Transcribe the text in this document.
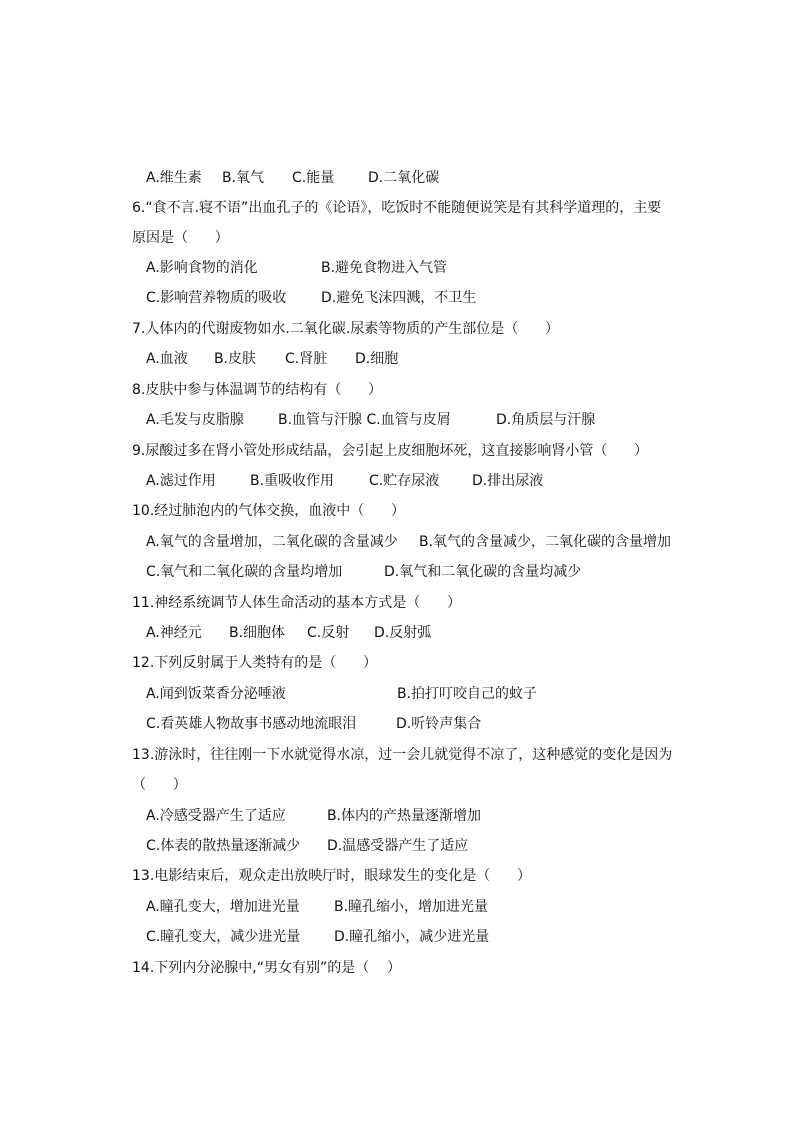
A.维生素

B.氧气

C.能量

D.二氧化碳

6.“食不言.寝不语”出血孔子的《论语》，吃饭时不能随便说笑是有其科学道理的，主要
原因是（      ）

A.影响食物的消化

	B.避免食物进入气管

C.影响营养物质的吸收

D.避免飞沫四溅，不卫生

7.人体内的代谢废物如水.二氧化碳.尿素等物质的产生部位是（      ）

A.血液

B.皮肤

C.肾脏

D.细胞

8.皮肤中参与体温调节的结构有（      ）

A.毛发与皮脂腺

B.血管与汗腺 C.血管与皮屑

	D.角质层与汗腺

9.尿酸过多在肾小管处形成结晶，会引起上皮细胞坏死，这直接影响肾小管（      ）

A.滤过作用

B.重吸收作用

C.贮存尿液

D.排出尿液

10.经过肺泡内的气体交换，血液中（      ）

A.氧气的含量增加，二氧化碳的含量减少

B.氧气的含量减少，二氧化碳的含量增加

C.氧气和二氧化碳的含量均增加

	D.氧气和二氧化碳的含量均减少

11.神经系统调节人体生命活动的基本方式是（      ）

A.神经元

B.细胞体

C.反射

D.反射弧

12.下列反射属于人类特有的是（      ）

A.闻到饭菜香分泌唾液

	B.拍打叮咬自己的蚊子

C.看英雄人物故事书感动地流眼泪

	D.听铃声集合

13.游泳时，往往刚一下水就觉得水凉，过一会儿就觉得不凉了，这种感觉的变化是因为
（      ）

A.冷感受器产生了适应

	B.体内的产热量逐渐增加

C.体表的散热量逐渐减少

D.温感受器产生了适应

13.电影结束后，观众走出放映厅时，眼球发生的变化是（      ）

A.瞳孔变大，增加进光量

B.瞳孔缩小，增加进光量

C.瞳孔变大，减少进光量

D.瞳孔缩小，减少进光量

14.下列内分泌腺中,“男女有别”的是（    ）
